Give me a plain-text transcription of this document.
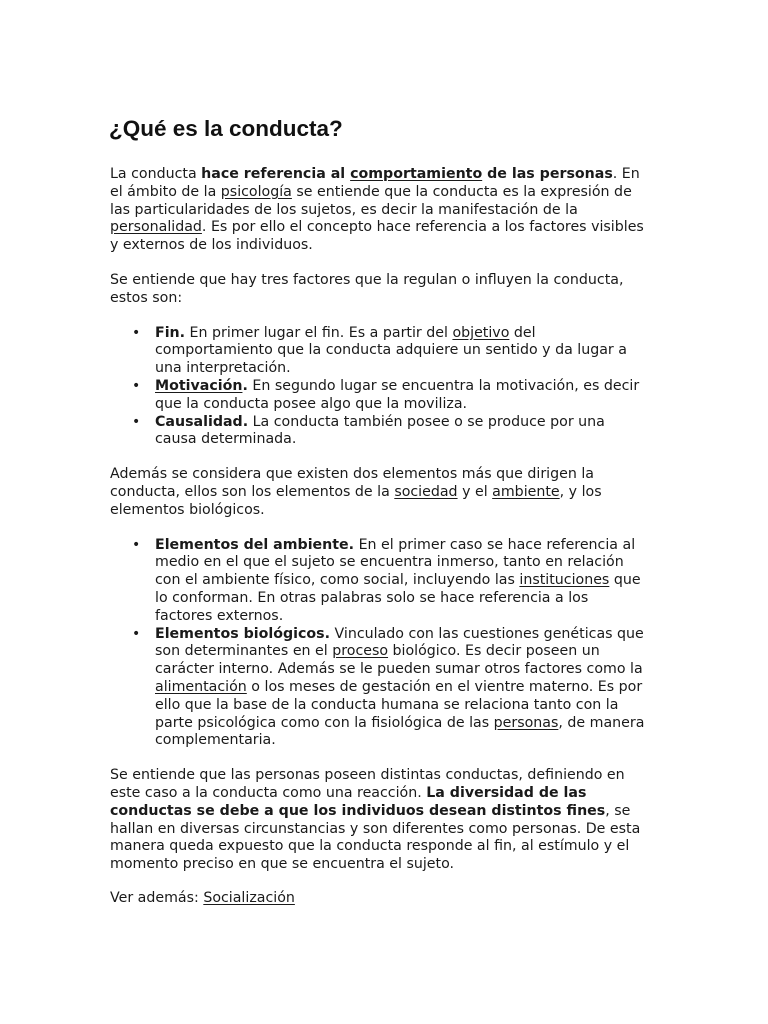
¿Qué es la conducta?

La conducta hace referencia al comportamiento de las personas. En el ámbito de la psicología se entiende que la conducta es la expresión de las particularidades de los sujetos, es decir la manifestación de la personalidad. Es por ello el concepto hace referencia a los factores visibles y externos de los individuos.

Se entiende que hay tres factores que la regulan o influyen la conducta, estos son:

• Fin. En primer lugar el fin. Es a partir del objetivo del comportamiento que la conducta adquiere un sentido y da lugar a una interpretación.
• Motivación. En segundo lugar se encuentra la motivación, es decir que la conducta posee algo que la moviliza.
• Causalidad. La conducta también posee o se produce por una causa determinada.

Además se considera que existen dos elementos más que dirigen la conducta, ellos son los elementos de la sociedad y el ambiente, y los elementos biológicos.

• Elementos del ambiente. En el primer caso se hace referencia al medio en el que el sujeto se encuentra inmerso, tanto en relación con el ambiente físico, como social, incluyendo las instituciones que lo conforman. En otras palabras solo se hace referencia a los factores externos.
• Elementos biológicos. Vinculado con las cuestiones genéticas que son determinantes en el proceso biológico. Es decir poseen un carácter interno. Además se le pueden sumar otros factores como la alimentación o los meses de gestación en el vientre materno. Es por ello que la base de la conducta humana se relaciona tanto con la parte psicológica como con la fisiológica de las personas, de manera complementaria.

Se entiende que las personas poseen distintas conductas, definiendo en este caso a la conducta como una reacción. La diversidad de las conductas se debe a que los individuos desean distintos fines, se hallan en diversas circunstancias y son diferentes como personas. De esta manera queda expuesto que la conducta responde al fin, al estímulo y el momento preciso en que se encuentra el sujeto.

Ver además: Socialización
